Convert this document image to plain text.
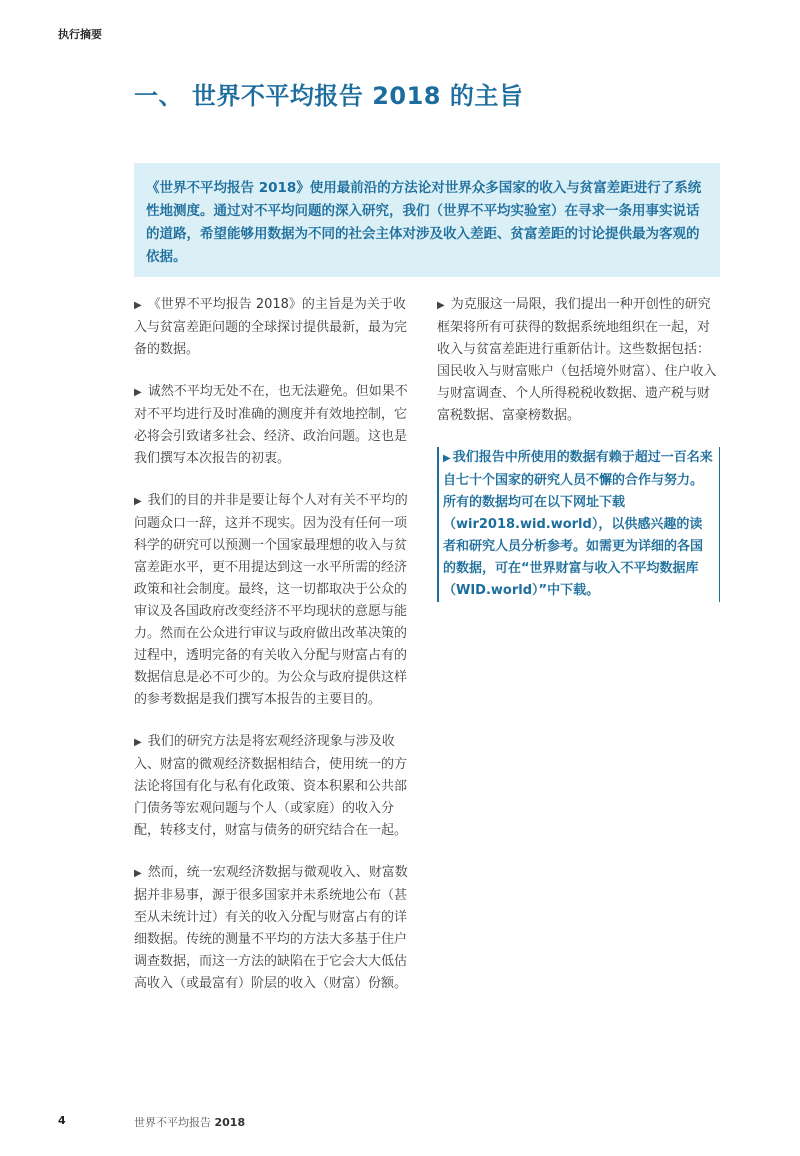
执行摘要
一、 世界不平均报告 2018 的主旨
《世界不平均报告 2018》使用最前沿的方法论对世界众多国家的收入与贫富差距进行了系统性地测度。通过对不平均问题的深入研究，我们（世界不平均实验室）在寻求一条用事实说话的道路，希望能够用数据为不同的社会主体对涉及收入差距、贫富差距的讨论提供最为客观的依据。

▶ 《世界不平均报告 2018》的主旨是为关于收入与贫富差距问题的全球探讨提供最新，最为完备的数据。

▶ 诚然不平均无处不在，也无法避免。但如果不对不平均进行及时准确的测度并有效地控制，它必将会引致诸多社会、经济、政治问题。这也是我们撰写本次报告的初衷。

▶ 我们的目的并非是要让每个人对有关不平均的问题众口一辞，这并不现实。因为没有任何一项科学的研究可以预测一个国家最理想的收入与贫富差距水平，更不用提达到这一水平所需的经济政策和社会制度。最终，这一切都取决于公众的审议及各国政府改变经济不平均现状的意愿与能力。然而在公众进行审议与政府做出改革决策的过程中，透明完备的有关收入分配与财富占有的数据信息是必不可少的。为公众与政府提供这样的参考数据是我们撰写本报告的主要目的。

▶ 我们的研究方法是将宏观经济现象与涉及收入、财富的微观经济数据相结合，使用统一的方法论将国有化与私有化政策、资本积累和公共部门债务等宏观问题与个人（或家庭）的收入分配，转移支付，财富与债务的研究结合在一起。

▶ 然而，统一宏观经济数据与微观收入、财富数据并非易事，源于很多国家并未系统地公布（甚至从未统计过）有关的收入分配与财富占有的详细数据。传统的测量不平均的方法大多基于住户调查数据，而这一方法的缺陷在于它会大大低估高收入（或最富有）阶层的收入（财富）份额。

▶ 为克服这一局限，我们提出一种开创性的研究框架将所有可获得的数据系统地组织在一起，对收入与贫富差距进行重新估计。这些数据包括：国民收入与财富账户（包括境外财富）、住户收入与财富调查、个人所得税税收数据、遗产税与财富税数据、富豪榜数据。

▶ 我们报告中所使用的数据有赖于超过一百名来自七十个国家的研究人员不懈的合作与努力。所有的数据均可在以下网址下载（wir2018.wid.world），以供感兴趣的读者和研究人员分析参考。如需更为详细的各国的数据，可在“世界财富与收入不平均数据库（WID.world）”中下载。
4	世界不平均报告 2018
